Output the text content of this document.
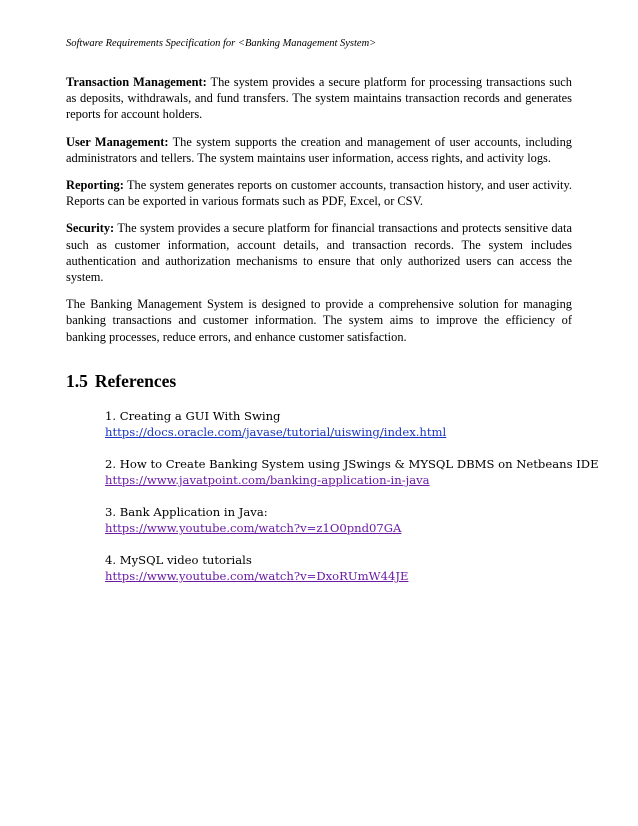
Software Requirements Specification for <Banking Management System>

Transaction Management: The system provides a secure platform for processing transactions such as deposits, withdrawals, and fund transfers. The system maintains transaction records and generates reports for account holders.

User Management: The system supports the creation and management of user accounts, including administrators and tellers. The system maintains user information, access rights, and activity logs.

Reporting: The system generates reports on customer accounts, transaction history, and user activity. Reports can be exported in various formats such as PDF, Excel, or CSV.

Security: The system provides a secure platform for financial transactions and protects sensitive data such as customer information, account details, and transaction records. The system includes authentication and authorization mechanisms to ensure that only authorized users can access the system.

The Banking Management System is designed to provide a comprehensive solution for managing banking transactions and customer information. The system aims to improve the efficiency of banking processes, reduce errors, and enhance customer satisfaction.

1.5 References
1. Creating a GUI With Swing
https://docs.oracle.com/javase/tutorial/uiswing/index.html
2. How to Create Banking System using JSwings & MYSQL DBMS on Netbeans IDE
https://www.javatpoint.com/banking-application-in-java
3. Bank Application in Java:
https://www.youtube.com/watch?v=z1O0pnd07GA
4. MySQL video tutorials
https://www.youtube.com/watch?v=DxoRUmW44JE
